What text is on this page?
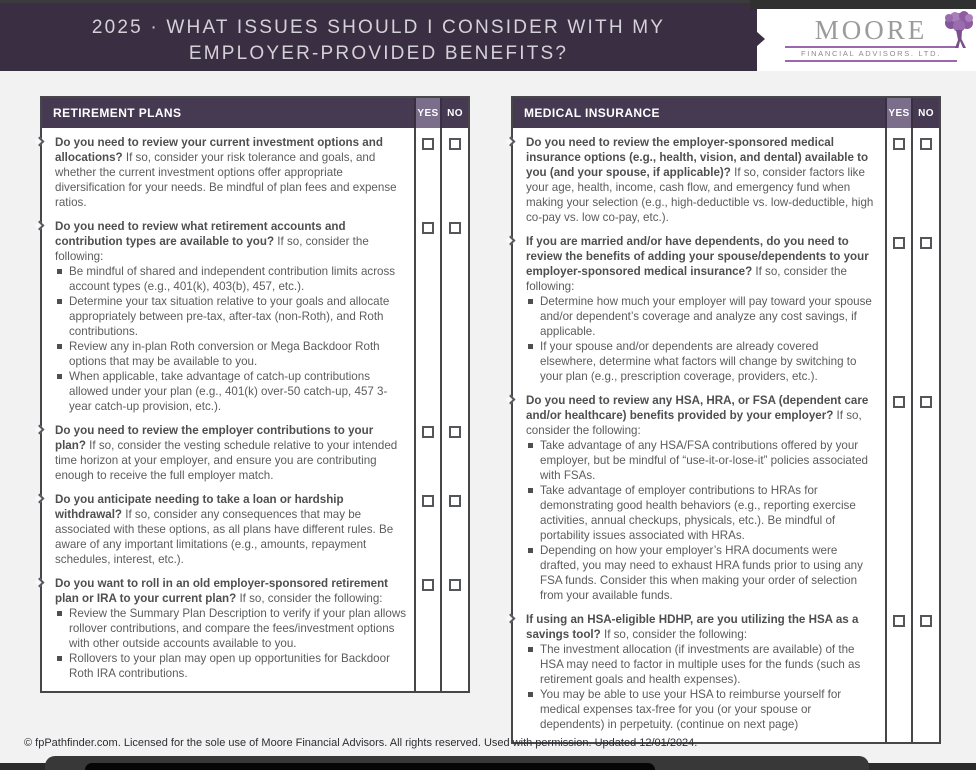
2025 · WHAT ISSUES SHOULD I CONSIDER WITH MY
EMPLOYER-PROVIDED BENEFITS?
MOORE
FINANCIAL ADVISORS. LTD.
RETIREMENT PLANS	YES NO

Do you need to review your current investment options and allocations? If so, consider your risk tolerance and goals, and whether the current investment options offer appropriate diversification for your needs. Be mindful of plan fees and expense ratios.

Do you need to review what retirement accounts and contribution types are available to you? If so, consider the following:

Be mindful of shared and independent contribution limits across account types (e.g., 401(k), 403(b), 457, etc.).
Determine your tax situation relative to your goals and allocate appropriately between pre-tax, after-tax (non-Roth), and Roth contributions.
Review any in-plan Roth conversion or Mega Backdoor Roth options that may be available to you.
When applicable, take advantage of catch-up contributions allowed under your plan (e.g., 401(k) over-50 catch-up, 457 3-year catch-up provision, etc.).

Do you need to review the employer contributions to your plan? If so, consider the vesting schedule relative to your intended time horizon at your employer, and ensure you are contributing enough to receive the full employer match.

Do you anticipate needing to take a loan or hardship withdrawal? If so, consider any consequences that may be associated with these options, as all plans have different rules. Be aware of any important limitations (e.g., amounts, repayment schedules, interest, etc.).

Do you want to roll in an old employer-sponsored retirement plan or IRA to your current plan? If so, consider the following:

Review the Summary Plan Description to verify if your plan allows rollover contributions, and compare the fees/investment options with other outside accounts available to you.
Rollovers to your plan may open up opportunities for Backdoor Roth IRA contributions.
MEDICAL INSURANCE	YES NO

Do you need to review the employer-sponsored medical insurance options (e.g., health, vision, and dental) available to you (and your spouse, if applicable)? If so, consider factors like your age, health, income, cash flow, and emergency fund when making your selection (e.g., high-deductible vs. low-deductible, high co-pay vs. low co-pay, etc.).

If you are married and/or have dependents, do you need to review the benefits of adding your spouse/dependents to your employer-sponsored medical insurance? If so, consider the following:

Determine how much your employer will pay toward your spouse and/or dependent’s coverage and analyze any cost savings, if applicable.
If your spouse and/or dependents are already covered elsewhere, determine what factors will change by switching to your plan (e.g., prescription coverage, providers, etc.).

Do you need to review any HSA, HRA, or FSA (dependent care and/or healthcare) benefits provided by your employer? If so, consider the following:

Take advantage of any HSA/FSA contributions offered by your employer, but be mindful of “use-it-or-lose-it” policies associated with FSAs.
Take advantage of employer contributions to HRAs for demonstrating good health behaviors (e.g., reporting exercise activities, annual checkups, physicals, etc.). Be mindful of portability issues associated with HRAs.
Depending on how your employer’s HRA documents were drafted, you may need to exhaust HRA funds prior to using any FSA funds. Consider this when making your order of selection from your available funds.

If using an HSA-eligible HDHP, are you utilizing the HSA as a savings tool? If so, consider the following:

The investment allocation (if investments are available) of the HSA may need to factor in multiple uses for the funds (such as retirement goals and health expenses).
You may be able to use your HSA to reimburse yourself for medical expenses tax-free for you (or your spouse or dependents) in perpetuity. (continue on next page)
© fpPathfinder.com. Licensed for the sole use of Moore Financial Advisors. All rights reserved. Used with permission. Updated 12/01/2024.
